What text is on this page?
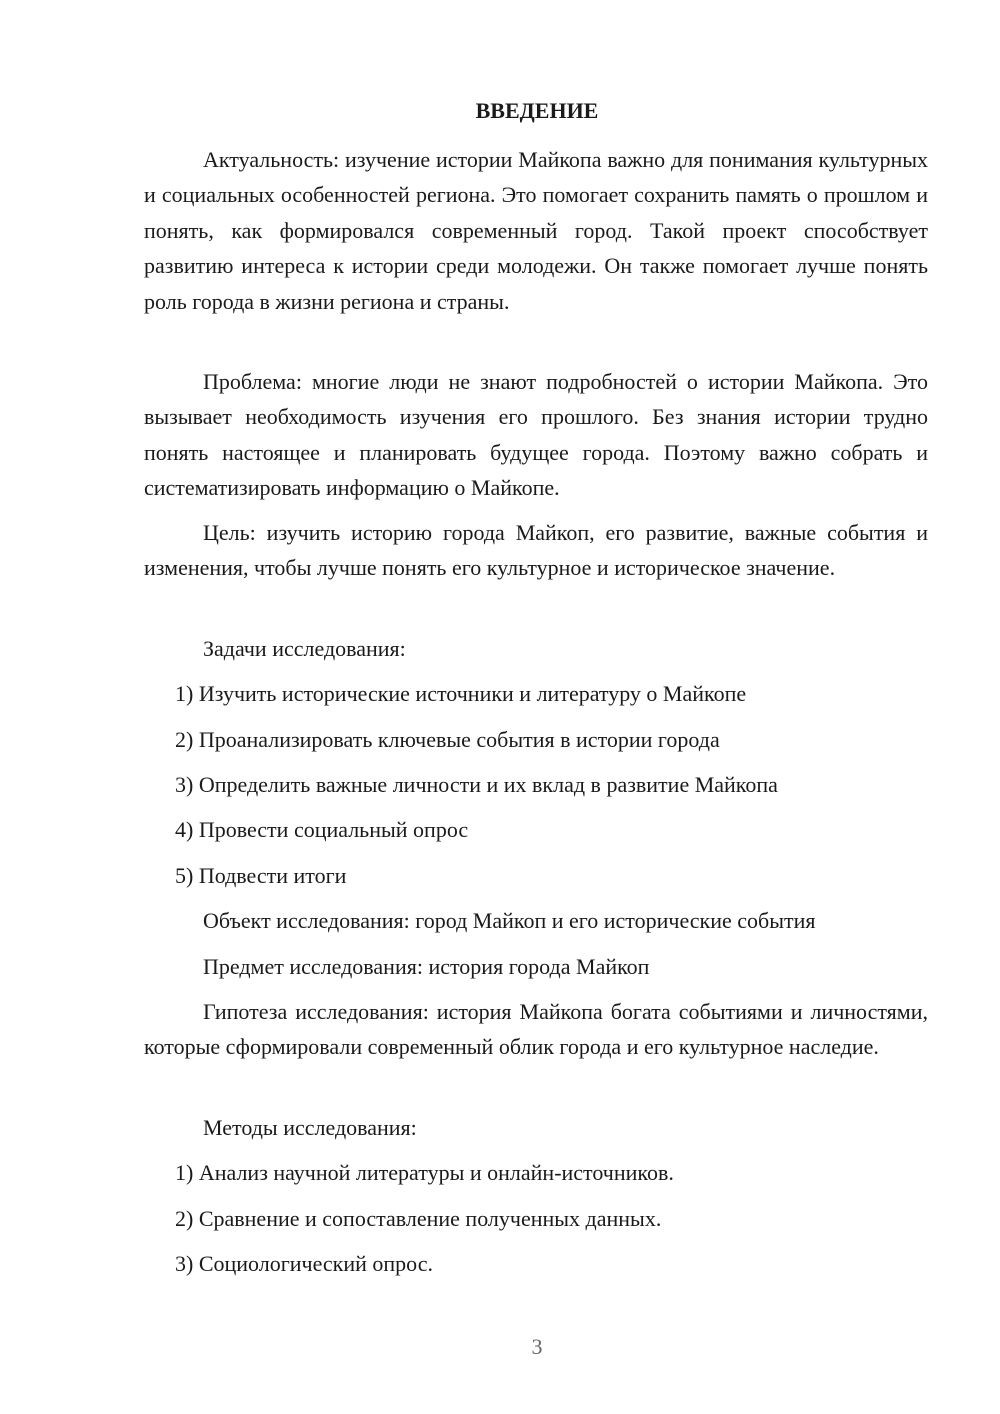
ВВЕДЕНИЕ

Актуальность: изучение истории Майкопа важно для понимания культурных и социальных особенностей региона. Это помогает сохранить память о прошлом и понять, как формировался современный город. Такой проект способствует развитию интереса к истории среди молодежи. Он также помогает лучше понять роль города в жизни региона и страны.

Проблема: многие люди не знают подробностей о истории Майкопа. Это вызывает необходимость изучения его прошлого. Без знания истории трудно понять настоящее и планировать будущее города. Поэтому важно собрать и систематизировать информацию о Майкопе.

Цель: изучить историю города Майкоп, его развитие, важные события и изменения, чтобы лучше понять его культурное и историческое значение.

Задачи исследования:
1) Изучить исторические источники и литературу о Майкопе
2) Проанализировать ключевые события в истории города
3) Определить важные личности и их вклад в развитие Майкопа
4) Провести социальный опрос
5) Подвести итоги
Объект исследования: город Майкоп и его исторические события
Предмет исследования: история города Майкоп

Гипотеза исследования: история Майкопа богата событиями и личностями, которые сформировали современный облик города и его культурное наследие.

Методы исследования:
1) Анализ научной литературы и онлайн-источников.
2) Сравнение и сопоставление полученных данных.
3) Социологический опрос.
3
